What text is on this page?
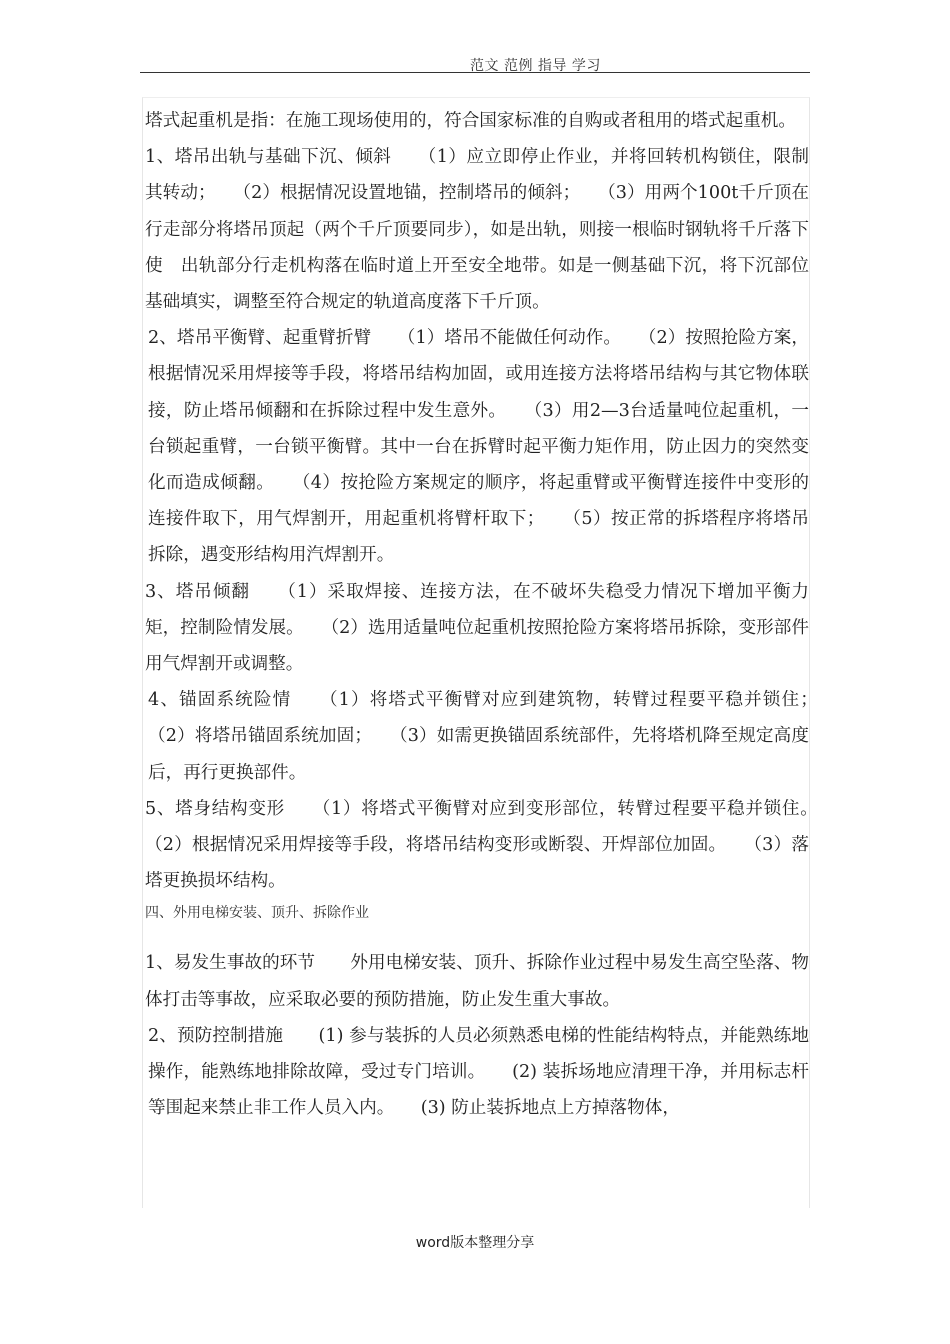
范文 范例 指导 学习

塔式起重机是指：在施工现场使用的，符合国家标准的自购或者租用的塔式起重机。

1、塔吊出轨与基础下沉、倾斜　　（1）应立即停止作业，并将回转机构锁住，限制其转动；　　（2）根据情况设置地锚，控制塔吊的倾斜；　　（3）用两个100t千斤顶在行走部分将塔吊顶起（两个千斤顶要同步），如是出轨，则接一根临时钢轨将千斤落下使　出轨部分行走机构落在临时道上开至安全地带。如是一侧基础下沉，将下沉部位基础填实，调整至符合规定的轨道高度落下千斤顶。

2、塔吊平衡臂、起重臂折臂　　（1）塔吊不能做任何动作。　　（2）按照抢险方案，根据情况采用焊接等手段，将塔吊结构加固，或用连接方法将塔吊结构与其它物体联接，防止塔吊倾翻和在拆除过程中发生意外。　　（3）用2—3台适量吨位起重机，一台锁起重臂，一台锁平衡臂。其中一台在拆臂时起平衡力矩作用，防止因力的突然变化而造成倾翻。　　（4）按抢险方案规定的顺序，将起重臂或平衡臂连接件中变形的连接件取下，用气焊割开，用起重机将臂杆取下；　　（5）按正常的拆塔程序将塔吊拆除，遇变形结构用汽焊割开。

3、塔吊倾翻　　（1）采取焊接、连接方法，在不破坏失稳受力情况下增加平衡力矩，控制险情发展。　　（2）选用适量吨位起重机按照抢险方案将塔吊拆除，变形部件用气焊割开或调整。

4、锚固系统险情　　（1）将塔式平衡臂对应到建筑物，转臂过程要平稳并锁住；　　（2）将塔吊锚固系统加固；　　（3）如需更换锚固系统部件，先将塔机降至规定高度后，再行更换部件。

5、塔身结构变形　　（1）将塔式平衡臂对应到变形部位，转臂过程要平稳并锁住。　　（2）根据情况采用焊接等手段，将塔吊结构变形或断裂、开焊部位加固。　　（3）落塔更换损坏结构。

四、外用电梯安装、顶升、拆除作业

1、易发生事故的环节　　外用电梯安装、顶升、拆除作业过程中易发生高空坠落、物体打击等事故，应采取必要的预防措施，防止发生重大事故。

2、预防控制措施　　(1) 参与装拆的人员必须熟悉电梯的性能结构特点，并能熟练地操作，能熟练地排除故障，受过专门培训。　　(2) 装拆场地应清理干净，并用标志杆等围起来禁止非工作人员入内。　　(3) 防止装拆地点上方掉落物体，

word版本整理分享
